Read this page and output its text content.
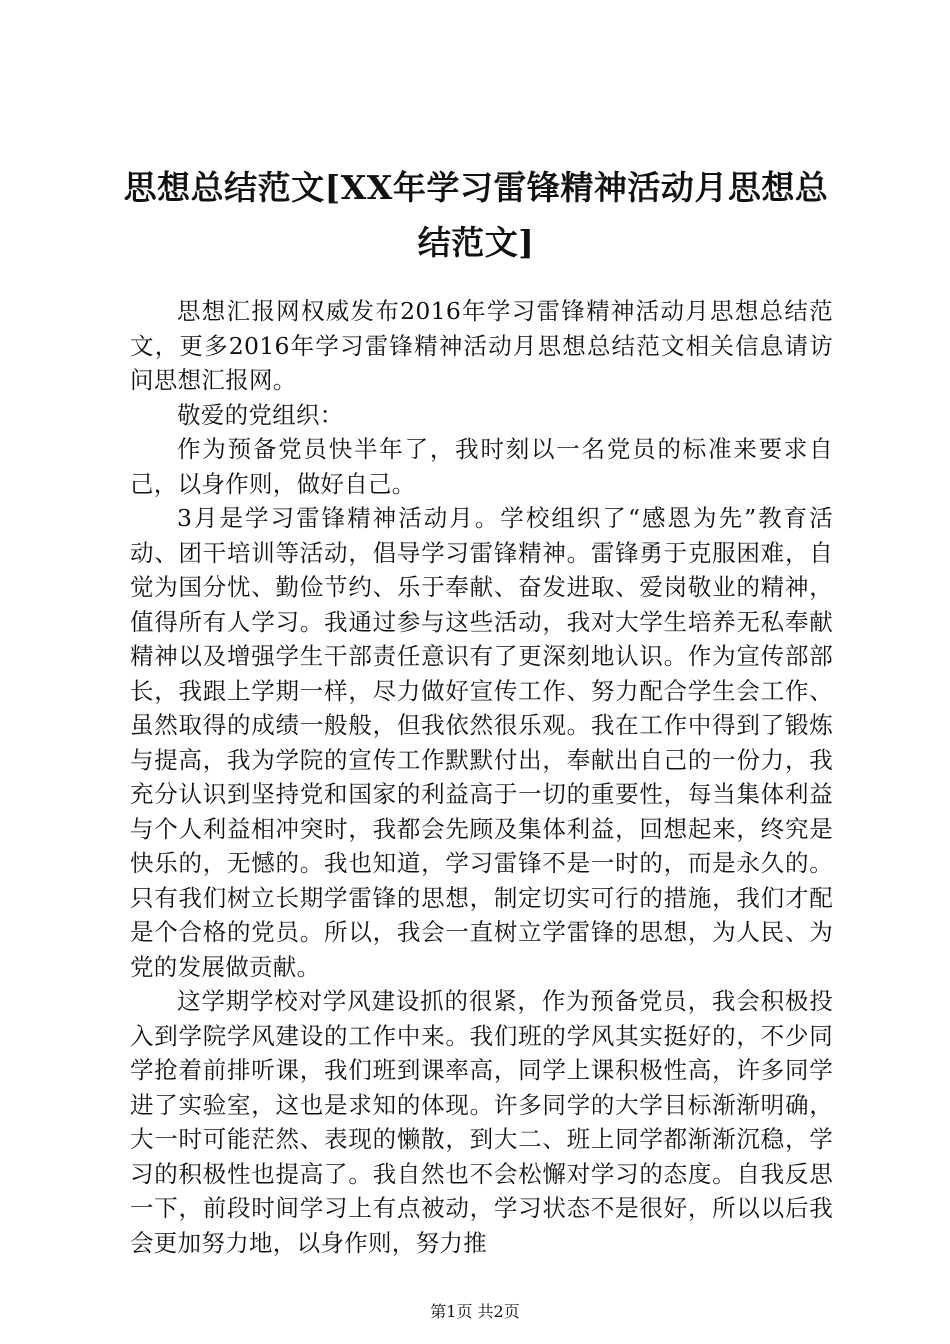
思想总结范文[XX年学习雷锋精神活动月思想总结范文]

思想汇报网权威发布2016年学习雷锋精神活动月思想总结范文，更多2016年学习雷锋精神活动月思想总结范文相关信息请访问思想汇报网。

敬爱的党组织：

作为预备党员快半年了，我时刻以一名党员的标准来要求自己，以身作则，做好自己。

3月是学习雷锋精神活动月。学校组织了“感恩为先”教育活动、团干培训等活动，倡导学习雷锋精神。雷锋勇于克服困难，自觉为国分忧、勤俭节约、乐于奉献、奋发进取、爱岗敬业的精神，值得所有人学习。我通过参与这些活动，我对大学生培养无私奉献精神以及增强学生干部责任意识有了更深刻地认识。作为宣传部部长，我跟上学期一样，尽力做好宣传工作、努力配合学生会工作、虽然取得的成绩一般般，但我依然很乐观。我在工作中得到了锻炼与提高，我为学院的宣传工作默默付出，奉献出自己的一份力，我充分认识到坚持党和国家的利益高于一切的重要性，每当集体利益与个人利益相冲突时，我都会先顾及集体利益，回想起来，终究是快乐的，无憾的。我也知道，学习雷锋不是一时的，而是永久的。只有我们树立长期学雷锋的思想，制定切实可行的措施，我们才配是个合格的党员。所以，我会一直树立学雷锋的思想，为人民、为党的发展做贡献。

这学期学校对学风建设抓的很紧，作为预备党员，我会积极投入到学院学风建设的工作中来。我们班的学风其实挺好的，不少同学抢着前排听课，我们班到课率高，同学上课积极性高，许多同学进了实验室，这也是求知的体现。许多同学的大学目标渐渐明确，大一时可能茫然、表现的懒散，到大二、班上同学都渐渐沉稳，学习的积极性也提高了。我自然也不会松懈对学习的态度。自我反思一下，前段时间学习上有点被动，学习状态不是很好，所以以后我会更加努力地，以身作则，努力推

第1页 共2页
